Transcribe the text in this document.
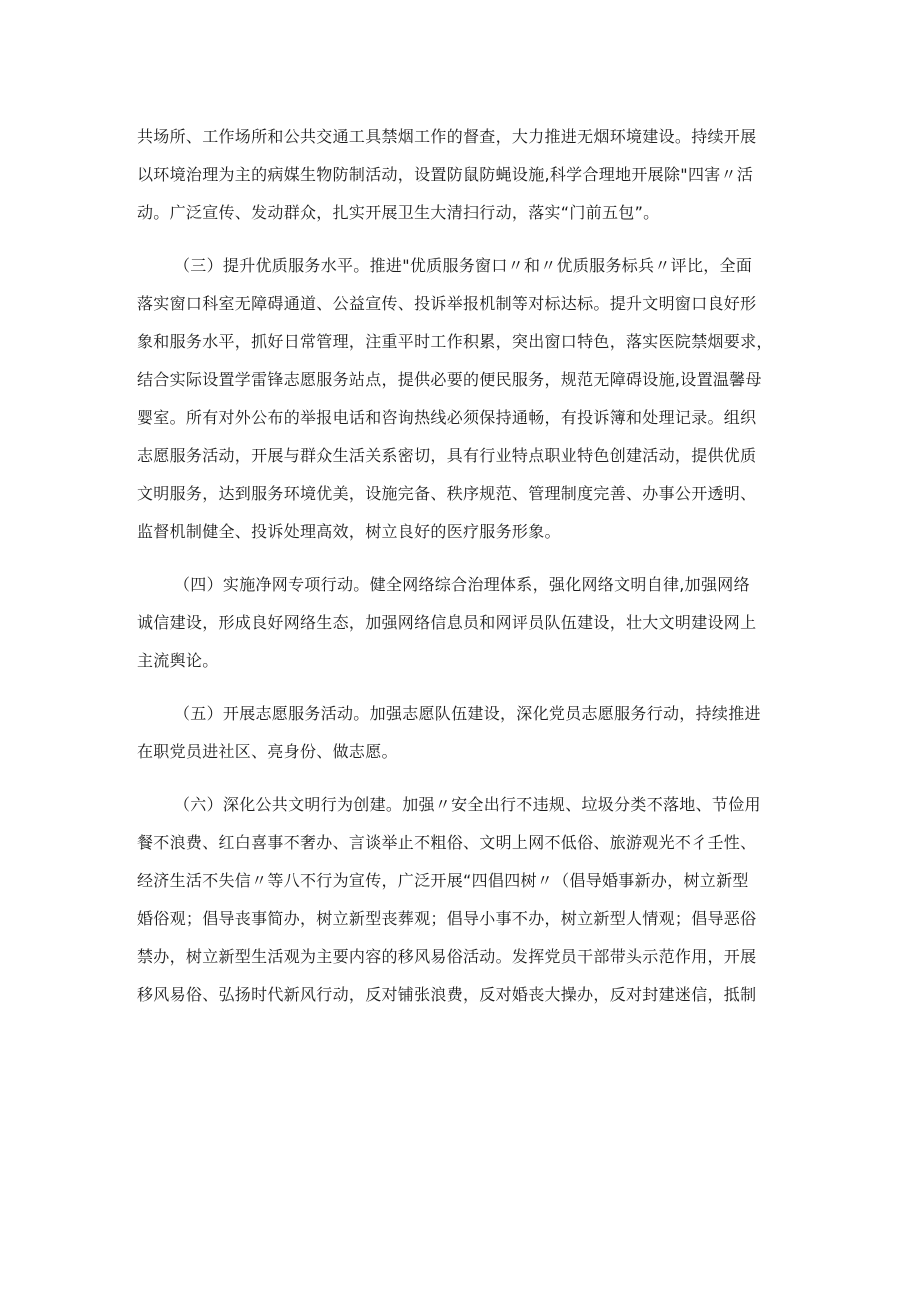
共场所、工作场所和公共交通工具禁烟工作的督查，大力推进无烟环境建设。持续开展
以环境治理为主的病媒生物防制活动，设置防鼠防蝇设施,科学合理地开展除"四害〃活
动。广泛宣传、发动群众，扎实开展卫生大清扫行动，落实“门前五包”。

（三）提升优质服务水平。推进"优质服务窗口〃和〃优质服务标兵〃评比，全面
落实窗口科室无障碍通道、公益宣传、投诉举报机制等对标达标。提升文明窗口良好形
象和服务水平，抓好日常管理，注重平时工作积累，突出窗口特色，落实医院禁烟要求，
结合实际设置学雷锋志愿服务站点，提供必要的便民服务，规范无障碍设施,设置温馨母
婴室。所有对外公布的举报电话和咨询热线必须保持通畅，有投诉簿和处理记录。组织
志愿服务活动，开展与群众生活关系密切，具有行业特点职业特色创建活动，提供优质
文明服务，达到服务环境优美，设施完备、秩序规范、管理制度完善、办事公开透明、
监督机制健全、投诉处理高效，树立良好的医疗服务形象。

（四）实施净网专项行动。健全网络综合治理体系，强化网络文明自律,加强网络
诚信建设，形成良好网络生态，加强网络信息员和网评员队伍建设，壮大文明建设网上
主流舆论。

（五）开展志愿服务活动。加强志愿队伍建设，深化党员志愿服务行动，持续推进
在职党员进社区、亮身份、做志愿。

（六）深化公共文明行为创建。加强〃安全出行不违规、垃圾分类不落地、节俭用
餐不浪费、红白喜事不奢办、言谈举止不粗俗、文明上网不低俗、旅游观光不彳壬性、
经济生活不失信〃等八不行为宣传，广泛开展“四倡四树〃（倡导婚事新办，树立新型
婚俗观；倡导丧事简办，树立新型丧葬观；倡导小事不办，树立新型人情观；倡导恶俗
禁办，树立新型生活观为主要内容的移风易俗活动。发挥党员干部带头示范作用，开展
移风易俗、弘扬时代新风行动，反对铺张浪费，反对婚丧大操办，反对封建迷信，抵制
